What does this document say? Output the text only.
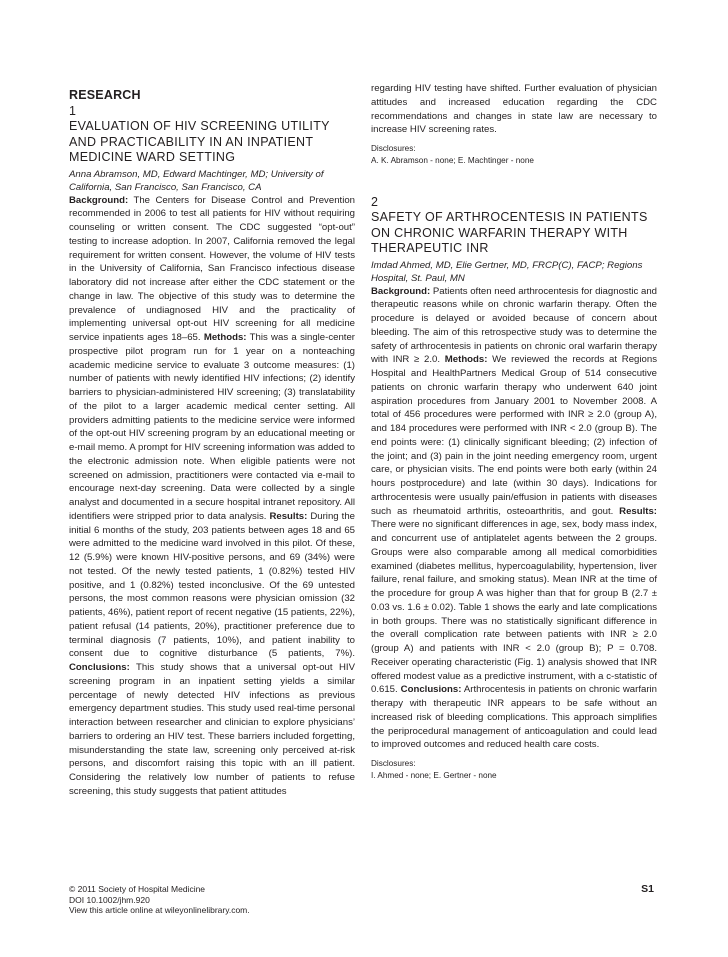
RESEARCH
1
EVALUATION OF HIV SCREENING UTILITY AND PRACTICABILITY IN AN INPATIENT MEDICINE WARD SETTING
Anna Abramson, MD, Edward Machtinger, MD; University of California, San Francisco, San Francisco, CA

Background: The Centers for Disease Control and Prevention recommended in 2006 to test all patients for HIV without requiring counseling or written consent. The CDC suggested “opt-out” testing to increase adoption. In 2007, California removed the legal requirement for written consent. However, the volume of HIV tests in the University of California, San Francisco infectious disease laboratory did not increase after either the CDC statement or the change in law. The objective of this study was to determine the prevalence of undiagnosed HIV and the practicality of implementing universal opt-out HIV screening for all medicine service inpatients ages 18–65. Methods: This was a single-center prospective pilot program run for 1 year on a nonteaching academic medicine service to evaluate 3 outcome measures: (1) number of patients with newly identified HIV infections; (2) identify barriers to physician-administered HIV screening; (3) translatability of the pilot to a larger academic medical center setting. All providers admitting patients to the medicine service were informed of the opt-out HIV screening program by an educational meeting or e-mail memo. A prompt for HIV screening information was added to the electronic admission note. When eligible patients were not screened on admission, practitioners were contacted via e-mail to encourage next-day screening. Data were collected by a single analyst and documented in a secure hospital intranet repository. All identifiers were stripped prior to data analysis. Results: During the initial 6 months of the study, 203 patients between ages 18 and 65 were admitted to the medicine ward involved in this pilot. Of these, 12 (5.9%) were known HIV-positive persons, and 69 (34%) were not tested. Of the newly tested patients, 1 (0.82%) tested HIV positive, and 1 (0.82%) tested inconclusive. Of the 69 untested persons, the most common reasons were physician omission (32 patients, 46%), patient report of recent negative (15 patients, 22%), patient refusal (14 patients, 20%), practitioner preference due to terminal diagnosis (7 patients, 10%), and patient inability to consent due to cognitive disturbance (5 patients, 7%). Conclusions: This study shows that a universal opt-out HIV screening program in an inpatient setting yields a similar percentage of newly detected HIV infections as previous emergency department studies. This study used real-time personal interaction between researcher and clinician to explore physicians’ barriers to ordering an HIV test. These barriers included forgetting, misunderstanding the state law, screening only perceived at-risk persons, and discomfort raising this topic with an ill patient. Considering the relatively low number of patients to refuse screening, this study suggests that patient attitudes

regarding HIV testing have shifted. Further evaluation of physician attitudes and increased education regarding the CDC recommendations and changes in state law are necessary to increase HIV screening rates.

Disclosures:
A. K. Abramson - none; E. Machtinger - none
2
SAFETY OF ARTHROCENTESIS IN PATIENTS ON CHRONIC WARFARIN THERAPY WITH THERAPEUTIC INR
Imdad Ahmed, MD, Elie Gertner, MD, FRCP(C), FACP; Regions Hospital, St. Paul, MN

Background: Patients often need arthrocentesis for diagnostic and therapeutic reasons while on chronic warfarin therapy. Often the procedure is delayed or avoided because of concern about bleeding. The aim of this retrospective study was to determine the safety of arthrocentesis in patients on chronic oral warfarin therapy with INR ≥ 2.0. Methods: We reviewed the records at Regions Hospital and HealthPartners Medical Group of 514 consecutive patients on chronic warfarin therapy who underwent 640 joint aspiration procedures from January 2001 to November 2008. A total of 456 procedures were performed with INR ≥ 2.0 (group A), and 184 procedures were performed with INR < 2.0 (group B). The end points were: (1) clinically significant bleeding; (2) infection of the joint; and (3) pain in the joint needing emergency room, urgent care, or physician visits. The end points were both early (within 24 hours postprocedure) and late (within 30 days). Indications for arthrocentesis were usually pain/effusion in patients with diseases such as rheumatoid arthritis, osteoarthritis, and gout. Results: There were no significant differences in age, sex, body mass index, and concurrent use of antiplatelet agents between the 2 groups. Groups were also comparable among all medical comorbidities examined (diabetes mellitus, hypercoagulability, hypertension, liver failure, renal failure, and smoking status). Mean INR at the time of the procedure for group A was higher than that for group B (2.7 ± 0.03 vs. 1.6 ± 0.02). Table 1 shows the early and late complications in both groups. There was no statistically significant difference in the overall complication rate between patients with INR ≥ 2.0 (group A) and patients with INR < 2.0 (group B); P = 0.708. Receiver operating characteristic (Fig. 1) analysis showed that INR offered modest value as a predictive instrument, with a c-statistic of 0.615. Conclusions: Arthrocentesis in patients on chronic warfarin therapy with therapeutic INR appears to be safe without an increased risk of bleeding complications. This approach simplifies the periprocedural management of anticoagulation and could lead to improved outcomes and reduced health care costs.

Disclosures:
I. Ahmed - none; E. Gertner - none
© 2011 Society of Hospital Medicine
DOI 10.1002/jhm.920
View this article online at wileyonlinelibrary.com.
S1
